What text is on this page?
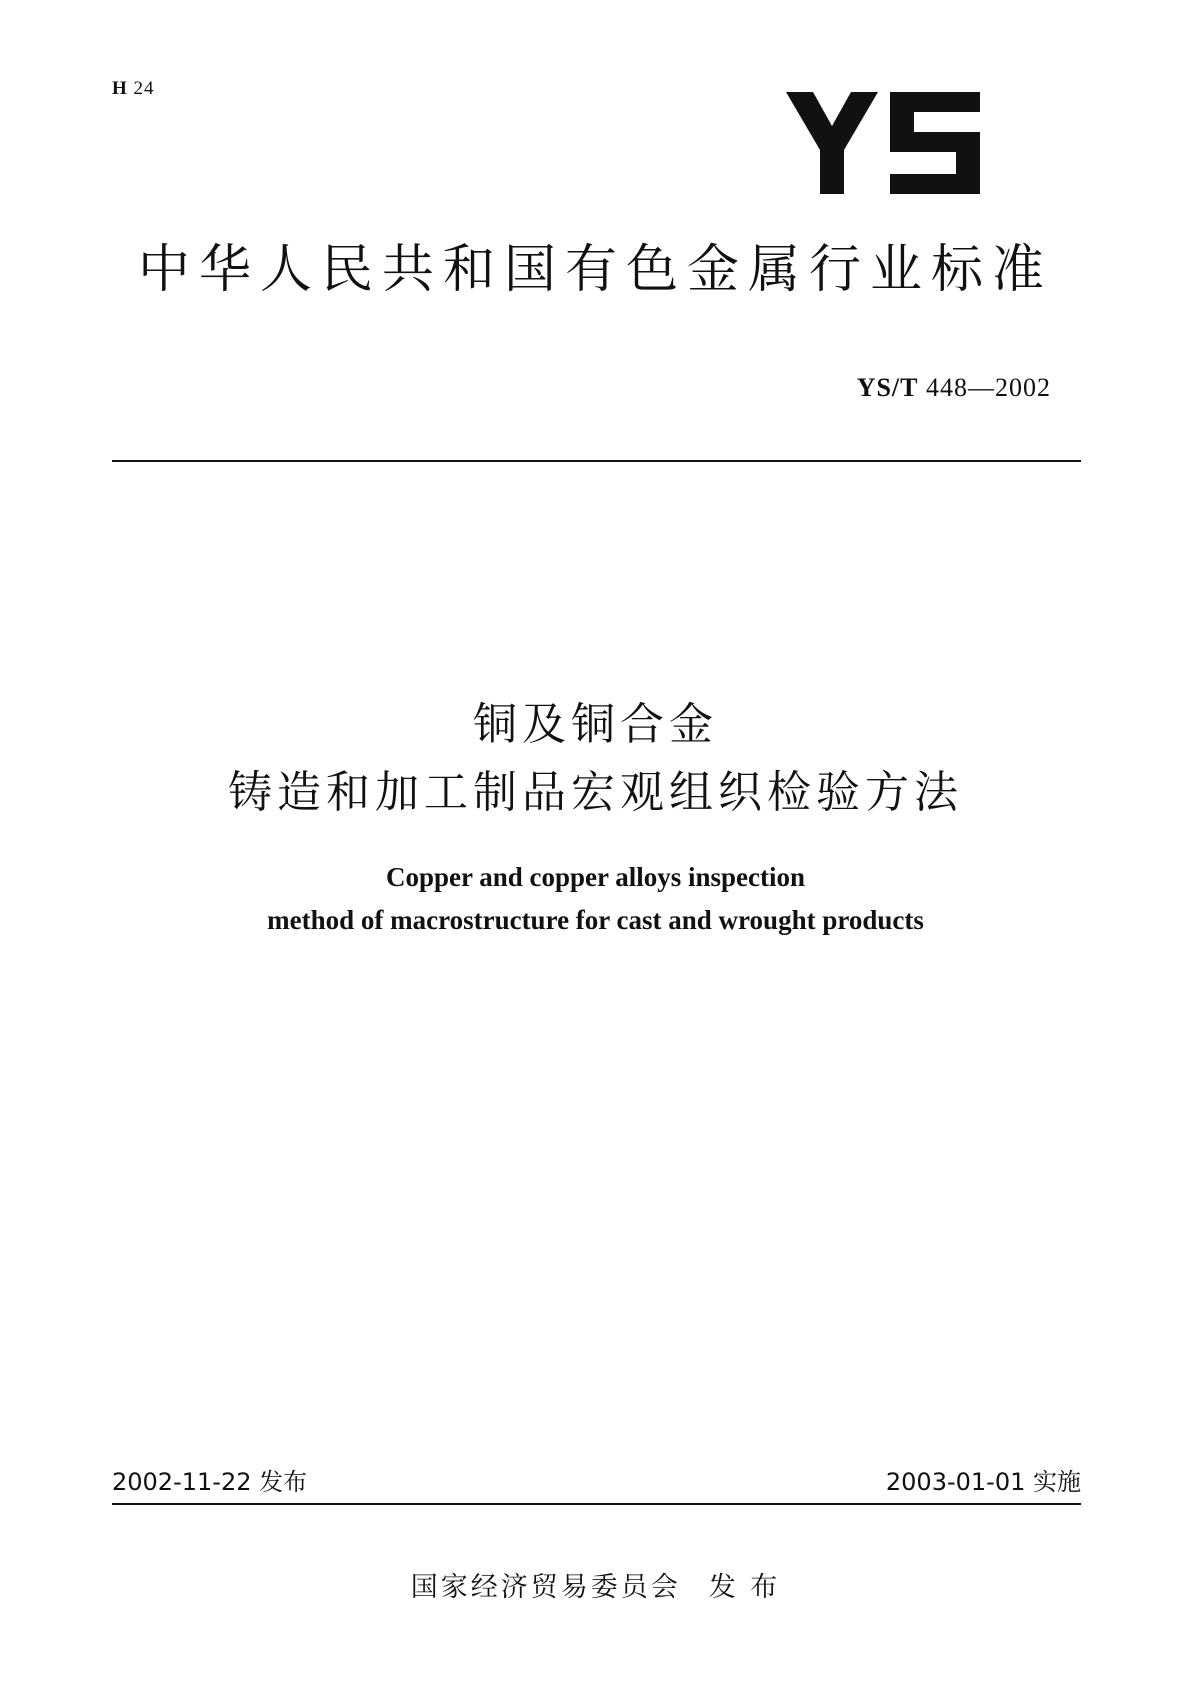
H 24
中华人民共和国有色金属行业标准
YS/T 448—2002
铜及铜合金
铸造和加工制品宏观组织检验方法
Copper and copper alloys inspection
method of macrostructure for cast and wrought products
2002-11-22 发布	2003-01-01 实施
国家经济贸易委员会 发 布
